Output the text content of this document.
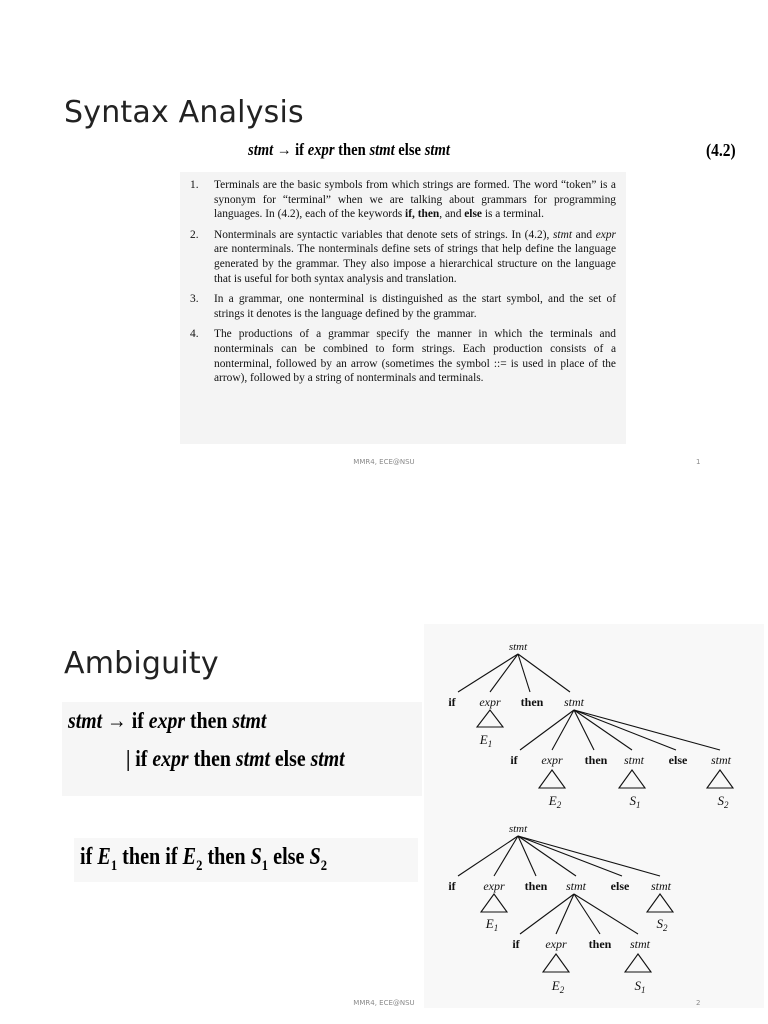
Syntax Analysis
stmt → if expr then stmt else stmt	(4.2)
1. Terminals are the basic symbols from which strings are formed. The word “token” is a synonym for “terminal” when we are talking about grammars for programming languages. In (4.2), each of the keywords if, then, and else is a terminal.
2. Nonterminals are syntactic variables that denote sets of strings. In (4.2), stmt and expr are nonterminals. The nonterminals define sets of strings that help define the language generated by the grammar. They also impose a hierarchical structure on the language that is useful for both syntax analysis and translation.
3. In a grammar, one nonterminal is distinguished as the start symbol, and the set of strings it denotes is the language defined by the grammar.
4. The productions of a grammar specify the manner in which the terminals and nonterminals can be combined to form strings. Each production consists of a nonterminal, followed by an arrow (sometimes the symbol ::= is used in place of the arrow), followed by a string of nonterminals and terminals.
MMR4, ECE@NSU	1
Ambiguity
stmt → if expr then stmt
| if expr then stmt else stmt
if $E_1$ then if $E_2$ then $S_1$ else $S_2$
stmt
if expr then stmt
$E_1$
if expr then stmt else stmt
$E_2$	$S_1$	$S_2$
stmt
if expr then stmt else stmt
$E_1$	$S_2$
if expr then stmt
$E_2$	$S_1$
MMR4, ECE@NSU	2
